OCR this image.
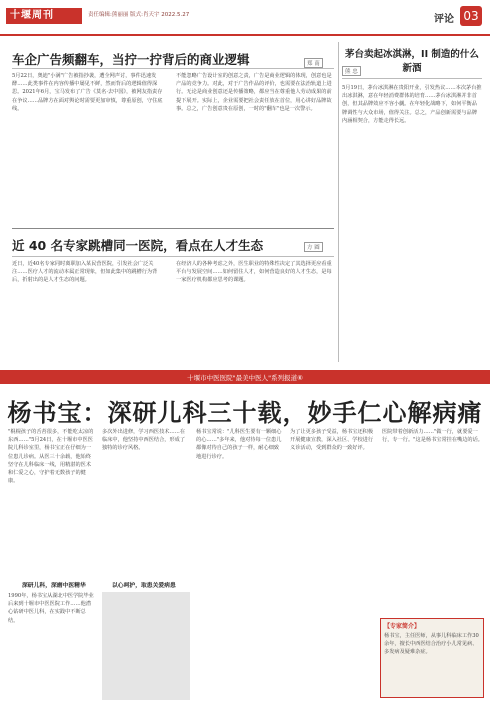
十堰周刊	责任编辑:熊丽丽 版式:肖天宇 2022.5.27	评论 03
车企广告频翻车，当拧一拧背后的商业逻辑	郑 南
5月22日，奥迪"小满"广告被指抄袭，遭全网声讨，事件迅速发酵……此类事件在内容传播中屡见不鲜，然而背后的逻辑值得深思。2021年6月，宝马发布了广告《莫名·去中国》，被网友指责存在争议……品牌方在面对舆论时需要更加审慎，尊重原创，守住底线。
不能忽略广告设计室的创意之责，广告是商业逻辑的体现，创意也是产品的竞争力。对此，对于广告作品的评价，也需要在法治轨道上进行。无论是商业创意还是传播策略，都应当在尊重他人劳动成果的前提下展开。实际上，企业需要把社会责任放在首位，用心讲好品牌故事。总之，广告创意贵在原创，一时的"翻车"也是一次警示。
茅台卖起冰淇淋，II 制造的什么新酒
熊 忠
5月19日，茅台冰淇淋在贵阳开业，引发热议……本次茅台推出冰淇淋，意在年轻消费群体的培育……茅台冰淇淋并非首创，但其品牌效应不容小觑。在年轻化战略下，如何平衡品牌调性与大众市场，值得关注。总之，产品创新需要与品牌内涵相契合，方能走得长远。
近 40 名专家跳槽同一医院，看点在人才生态	方 圆
近日，近40名专家同时离职加入某民营医院，引发社会广泛关注……医疗人才的流动本属正常现象，但如此集中的跳槽行为背后，折射出的是人才生态的问题。
在经济人的各种考虑之外，医生职业的特殊性决定了其选择更应看重平台与发展空间……如何留住人才，如何营造良好的人才生态，是每一家医疗机构都应思考的课题。
十堰市中医医院"最美中医人"系列报道⑥
杨书宝：深研儿科三十载，妙手仁心解病痛
"棍棍孩子的舌苔很多，不能吃太凉的东西……"5月24日，在十堰市中医医院儿科诊室里，杨书宝正在仔细为一位患儿诊病。从医三十余载，他始终坚守在儿科临床一线，用精湛的医术和仁爱之心，守护着无数孩子的健康。
深研儿科，深磨中医精华
1990年，杨书宝从湖北中医学院毕业后来到十堰市中医医院工作……他潜心钻研中医儿科，在实践中不断总结。
多次外出进修，学习西医技术……在临床中，他坚持中西医结合，形成了独特的诊疗风格。
以心呵护，取患关爱病患
杨书宝常说："儿科医生要有一颗细心的心……"多年来，他对待每一位患儿都像对待自己的孩子一样，耐心细致地进行诊疗。
为了让更多孩子受益，杨书宝还积极开展健康宣教，深入社区、学校进行义诊活动，受到群众的一致好评。
医院带着创新活力……"做一行，就要爱一行，专一行。"这是杨书宝常挂在嘴边的话。
【专家简介】
杨书宝，主任医师，从事儿科临床工作30余年，擅长中西医结合治疗小儿常见病、多发病及疑难杂症。
